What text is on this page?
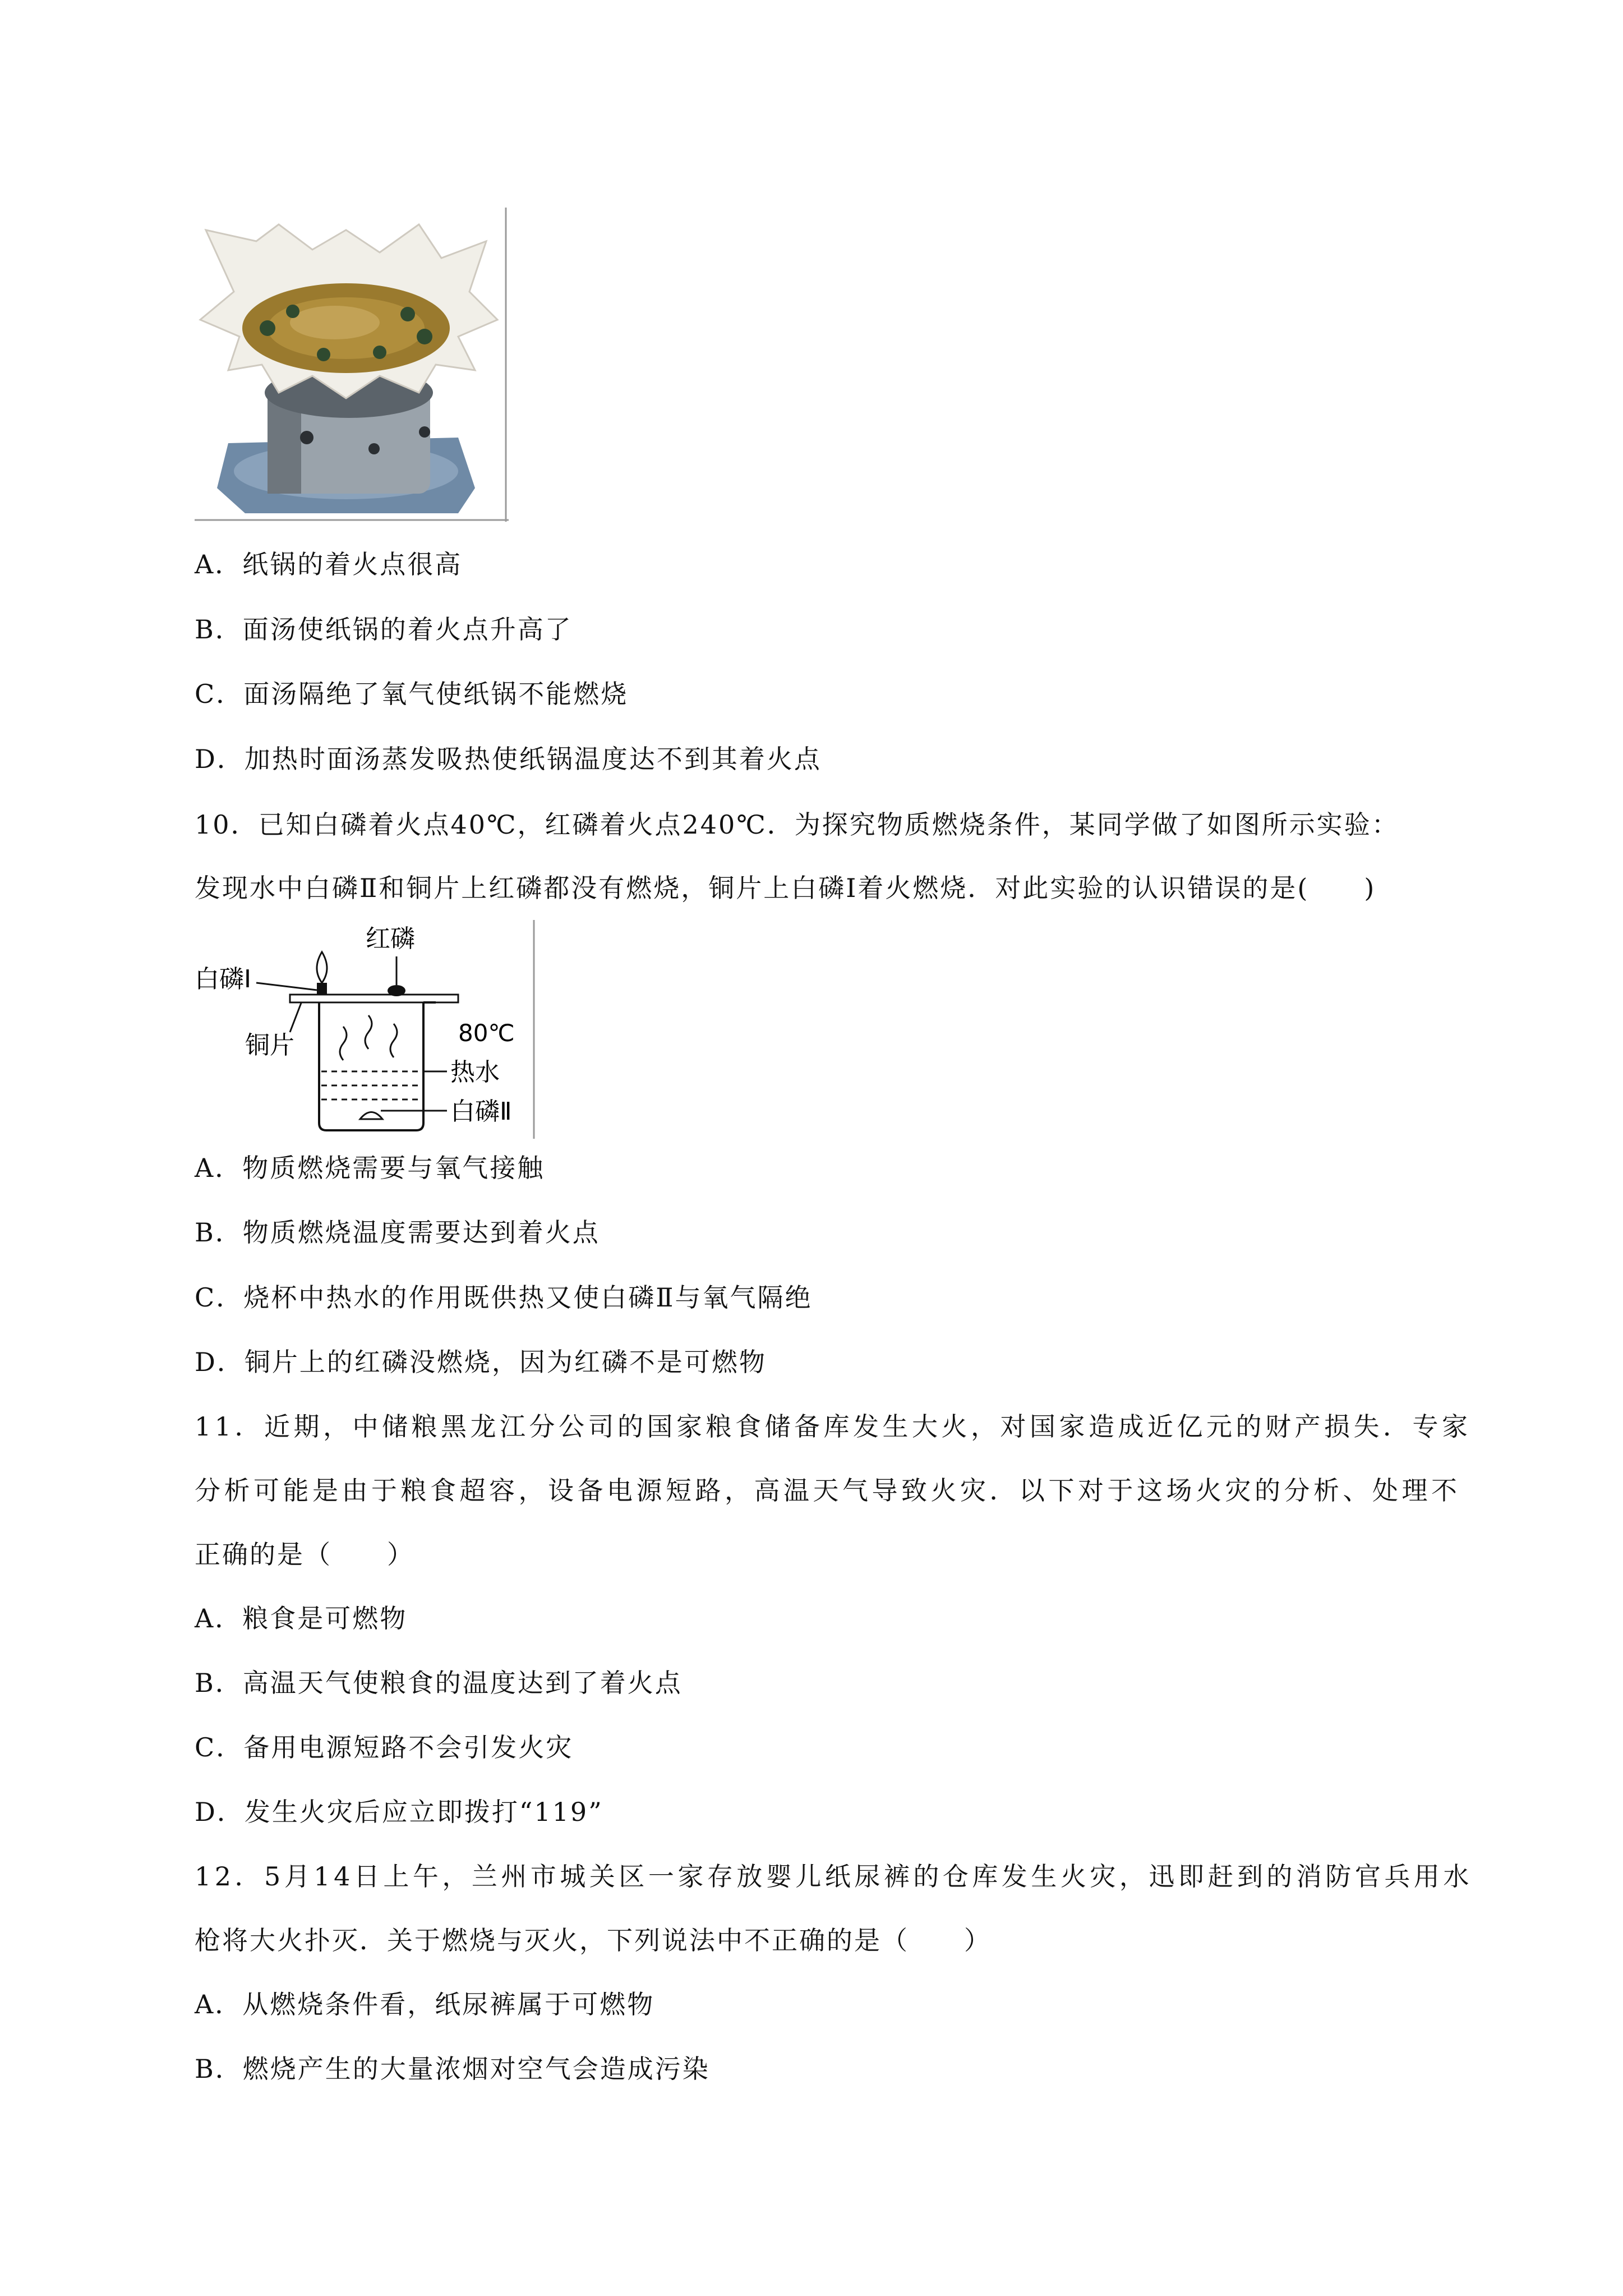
A．纸锅的着火点很高
B．面汤使纸锅的着火点升高了
C．面汤隔绝了氧气使纸锅不能燃烧
D．加热时面汤蒸发吸热使纸锅温度达不到其着火点
10．已知白磷着火点40℃，红磷着火点240℃．为探究物质燃烧条件，某同学做了如图所示实验：
发现水中白磷Ⅱ和铜片上红磷都没有燃烧，铜片上白磷Ⅰ着火燃烧．对此实验的认识错误的是(　　)
红磷
白磷Ⅰ
铜片	80℃
热水
白磷Ⅱ
A．物质燃烧需要与氧气接触
B．物质燃烧温度需要达到着火点
C．烧杯中热水的作用既供热又使白磷Ⅱ与氧气隔绝
D．铜片上的红磷没燃烧，因为红磷不是可燃物
11．近期，中储粮黑龙江分公司的国家粮食储备库发生大火，对国家造成近亿元的财产损失．专家
分析可能是由于粮食超容，设备电源短路，高温天气导致火灾．以下对于这场火灾的分析、处理不
正确的是（　　）
A．粮食是可燃物
B．高温天气使粮食的温度达到了着火点
C．备用电源短路不会引发火灾
D．发生火灾后应立即拨打“119”
12．5月14日上午，兰州市城关区一家存放婴儿纸尿裤的仓库发生火灾，迅即赶到的消防官兵用水
枪将大火扑灭．关于燃烧与灭火，下列说法中不正确的是（　　）
A．从燃烧条件看，纸尿裤属于可燃物
B．燃烧产生的大量浓烟对空气会造成污染
